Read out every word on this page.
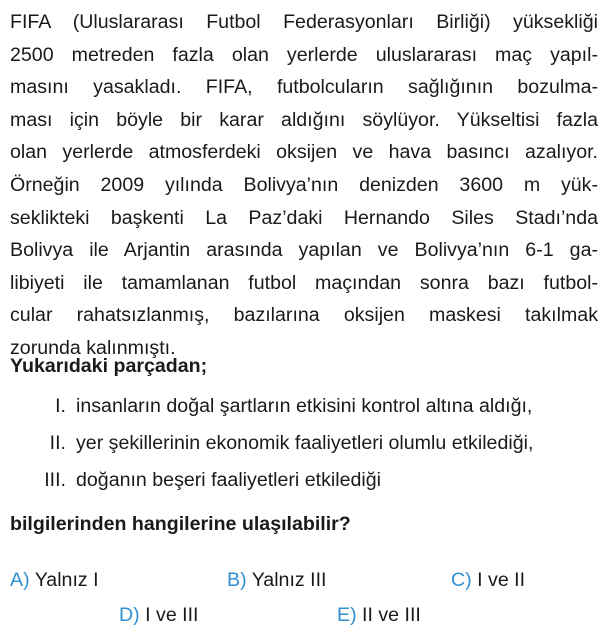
FIFA (Uluslararası Futbol Federasyonları Birliği) yüksekliği
2500 metreden fazla olan yerlerde uluslararası maç yapıl-
masını yasakladı. FIFA, futbolcuların sağlığının bozulma-
ması için böyle bir karar aldığını söylüyor. Yükseltisi fazla
olan yerlerde atmosferdeki oksijen ve hava basıncı azalıyor.
Örneğin 2009 yılında Bolivya’nın denizden 3600 m yük-
seklikteki başkenti La Paz’daki Hernando Siles Stadı’nda
Bolivya ile Arjantin arasında yapılan ve Bolivya’nın 6-1 ga-
libiyeti ile tamamlanan futbol maçından sonra bazı futbol-
cular rahatsızlanmış, bazılarına oksijen maskesi takılmak
zorunda kalınmıştı.
Yukarıdaki parçadan;
I. insanların doğal şartların etkisini kontrol altına aldığı,
II. yer şekillerinin ekonomik faaliyetleri olumlu etkilediği,
III. doğanın beşeri faaliyetleri etkilediği
bilgilerinden hangilerine ulaşılabilir?
A) Yalnız I	B) Yalnız III	C) I ve II
D) I ve III	E) II ve III
